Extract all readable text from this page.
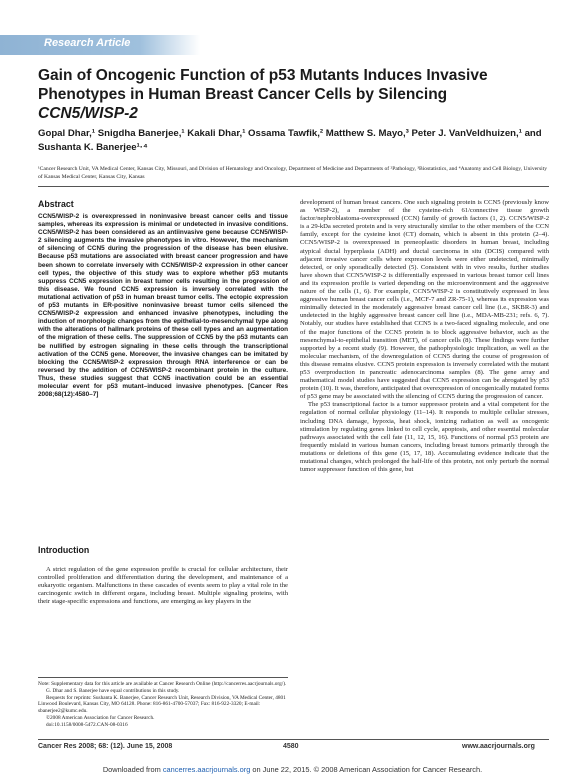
Research Article
Gain of Oncogenic Function of p53 Mutants Induces Invasive Phenotypes in Human Breast Cancer Cells by Silencing CCN5/WISP-2
Gopal Dhar,¹ Snigdha Banerjee,¹ Kakali Dhar,¹ Ossama Tawfik,² Matthew S. Mayo,³ Peter J. VanVeldhuizen,¹ and Sushanta K. Banerjee¹·⁴
¹Cancer Research Unit, VA Medical Center, Kansas City, Missouri, and Division of Hematology and Oncology, Department of Medicine and Departments of ²Pathology, ³Biostatistics, and ⁴Anatomy and Cell Biology, University of Kansas Medical Center, Kansas City, Kansas
Abstract

CCN5/WISP-2 is overexpressed in noninvasive breast cancer cells and tissue samples, whereas its expression is minimal or undetected in invasive conditions. CCN5/WISP-2 has been considered as an antiinvasive gene because CCN5/WISP-2 silencing augments the invasive phenotypes in vitro. However, the mechanism of silencing of CCN5 during the progression of the disease has been elusive. Because p53 mutations are associated with breast cancer progression and have been shown to correlate inversely with CCN5/WISP-2 expression in other cancer cell types, the objective of this study was to explore whether p53 mutants suppress CCN5 expression in breast tumor cells resulting in the progression of this disease. We found CCN5 expression is inversely correlated with the mutational activation of p53 in human breast tumor cells. The ectopic expression of p53 mutants in ER-positive noninvasive breast tumor cells silenced the CCN5/WISP-2 expression and enhanced invasive phenotypes, including the induction of morphologic changes from the epithelial-to-mesenchymal type along with the alterations of hallmark proteins of these cell types and an augmentation of the migration of these cells. The suppression of CCN5 by the p53 mutants can be nullified by estrogen signaling in these cells through the transcriptional activation of the CCN5 gene. Moreover, the invasive changes can be imitated by blocking the CCN5/WISP-2 expression through RNA interference or can be reversed by the addition of CCN5/WISP-2 recombinant protein in the culture. Thus, these studies suggest that CCN5 inactivation could be an essential molecular event for p53 mutant–induced invasive phenotypes. [Cancer Res 2008;68(12):4580–7]

Introduction

A strict regulation of the gene expression profile is crucial for cellular architecture, their controlled proliferation and differentiation during the development, and maintenance of a eukaryotic organism. Malfunctions in these cascades of events seem to play a vital role in the carcinogenic switch in different organs, including breast. Multiple signaling proteins, with their stage-specific expressions and functions, are emerging as key players in the

Note: Supplementary data for this article are available at Cancer Research Online (http://cancerres.aacrjournals.org/).

G. Dhar and S. Banerjee have equal contributions in this study.

Requests for reprints: Sushanta K. Banerjee, Cancer Research Unit, Research Division, VA Medical Center, 4801 Linwood Boulevard, Kansas City, MO 64128. Phone: 816-861-4700-57037; Fax: 816-922-3320; E-mail: sbanerjee2@kumc.edu.

©2008 American Association for Cancer Research.

doi:10.1158/0008-5472.CAN-08-0316

development of human breast cancers. One such signaling protein is CCN5 (previously know as WISP-2), a member of the cysteine-rich 61/connective tissue growth factor/nephroblastoma-overexpressed (CCN) family of growth factors (1, 2). CCN5/WISP-2 is a 29-kDa secreted protein and is very structurally similar to the other members of the CCN family, except for the cysteine knot (CT) domain, which is absent in this protein (2–4). CCN5/WISP-2 is overexpressed in preneoplastic disorders in human breast, including atypical ductal hyperplasia (ADH) and ductal carcinoma in situ (DCIS) compared with adjacent invasive cancer cells where expression levels were either undetected, minimally detected, or only sporadically detected (5). Consistent with in vivo results, further studies have shown that CCN5/WISP-2 is differentially expressed in various breast tumor cell lines and its expression profile is varied depending on the microenvironment and the aggressive nature of the cells (1, 6). For example, CCN5/WISP-2 is constitutively expressed in less aggressive human breast cancer cells (i.e., MCF-7 and ZR-75-1), whereas its expression was minimally detected in the moderately aggressive breast cancer cell line (i.e., SKBR-3) and undetected in the highly aggressive breast cancer cell line (i.e., MDA-MB-231; refs. 6, 7). Notably, our studies have established that CCN5 is a two-faced signaling molecule, and one of the major functions of the CCN5 protein is to block aggressive behavior, such as the mesenchymal-to-epithelial transition (MET), of cancer cells (8). These findings were further supported by a recent study (9). However, the pathophysiologic implication, as well as the molecular mechanism, of the downregulation of CCN5 during the course of progression of this disease remains elusive. CCN5 protein expression is inversely correlated with the mutant p53 overproduction in pancreatic adenocarcinoma samples (8). The gene array and mathematical model studies have suggested that CCN5 expression can be abrogated by p53 protein (10). It was, therefore, anticipated that overexpression of oncogenically mutated forms of p53 gene may be associated with the silencing of CCN5 during the progression of cancer.

The p53 transcriptional factor is a tumor suppressor protein and a vital competent for the regulation of normal cellular physiology (11–14). It responds to multiple cellular stresses, including DNA damage, hypoxia, heat shock, ionizing radiation as well as oncogenic stimulation by regulating genes linked to cell cycle, apoptosis, and other essential molecular pathways associated with the cell fate (11, 12, 15, 16). Functions of normal p53 protein are frequently mislaid in various human cancers, including breast tumors primarily through the mutations or deletions of this gene (15, 17, 18). Accumulating evidence indicate that the mutational changes, which prolonged the half-life of this protein, not only perturb the normal tumor suppressor function of this gene, but

Cancer Res 2008; 68: (12). June 15, 2008	4580	www.aacrjournals.org
Downloaded from cancerres.aacrjournals.org on June 22, 2015. © 2008 American Association for Cancer Research.
